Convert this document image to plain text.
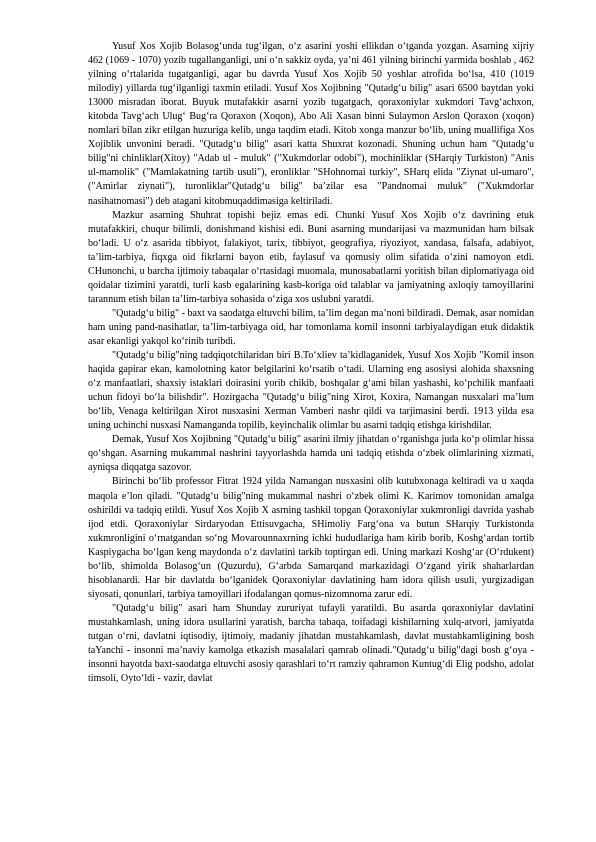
Yusuf Xos Xojib Bolasog‘unda tug‘ilgan, o‘z asarini yoshi ellikdan o‘tganda yozgan. Asarning xijriy 462 (1069 - 1070) yozib tugallanganligi, uni o‘n sakkiz oyda, ya’ni 461 yilning birinchi yarmida boshlab , 462 yilning o‘rtalarida tugatganligi, agar bu davrda Yusuf Xos Xojib 50 yoshlar atrofida bo‘lsa, 410 (1019 milodiy) yillarda tug‘ilganligi taxmin etiladi. Yusuf Xos Xojibning "Qutadg‘u bilig" asari 6500 baytdan yoki 13000 misradan iborat. Buyuk mutafakkir asarni yozib tugatgach, qoraxoniylar xukmdori Tavg‘achxon, kitobda Tavg‘ach Ulug‘ Bug‘ra Qoraxon (Xoqon), Abo Ali Xasan binni Sulaymon Arslon Qoraxon (xoqon) nomlari bilan zikr etilgan huzuriga kelib, unga taqdim etadi. Kitob xonga manzur bo‘lib, uning muallifiga Xos Xojiblik unvonini beradi. "Qutadg‘u bilig" asari katta Shuxrat kozonadi. Shuning uchun ham "Qutadg‘u bilig"ni chinliklar(Xitoy) "Adab ul - muluk" ("Xukmdorlar odobi"), mochinliklar (SHarqiy Turkiston) "Anis ul-mamolik" ("Mamlakatning tartib usuli"), eronliklar "SHohnomai turkiy", SHarq elida "Ziynat ul-umaro", ("Amirlar ziynati"), turonliklar"Qutadg‘u bilig" ba’zilar esa "Pandnomai muluk" ("Xukmdorlar nasihatnomasi") deb atagani kitobmuqaddimasiga keltiriladi.

Mazkur asarning Shuhrat topishi bejiz emas edi. Chunki Yusuf Xos Xojib o‘z davrining etuk mutafakkiri, chuqur bilimli, donishmand kishisi edi. Buni asarning mundarijasi va mazmunidan ham bilsak bo‘ladi. U o‘z asarida tibbiyot, falakiyot, tarix, tibbiyot, geografiya, riyoziyot, xandasa, falsafa, adabiyot, ta’lim-tarbiya, fiqxga oid fikrlarni bayon etib, faylasuf va qomusiy olim sifatida o‘zini namoyon etdi. CHunonchi, u barcha ijtimoiy tabaqalar o‘rtasidagi muomala, munosabatlarni yoritish bilan diplomatiyaga oid qoidalar tizimini yaratdi, turli kasb egalarining kasb-koriga oid talablar va jamiyatning axloqiy tamoyillarini tarannum etish bilan ta’lim-tarbiya sohasida o‘ziga xos uslubni yaratdi.

"Qutadg‘u bilig" - baxt va saodatga eltuvchi bilim, ta’lim degan ma’noni bildiradi. Demak, asar nomidan ham uning pand-nasihatlar, ta’lim-tarbiyaga oid, har tomonlama komil insonni tarbiyalaydigan etuk didaktik asar ekanligi yakqol ko‘rinib turibdi.

"Qutadg‘u bilig"ning tadqiqotchilaridan biri B.To‘xliev ta’kidlaganidek, Yusuf Xos Xojib "Komil inson haqida gapirar ekan, kamolotning kator belgilarini ko‘rsatib o‘tadi. Ularning eng asosiysi alohida shaxsning o‘z manfaatlari, shaxsiy istaklari doirasini yorib chikib, boshqalar g‘ami bilan yashashi, ko‘pchilik manfaati uchun fidoyi bo‘la bilishdir". Hozirgacha "Qutadg‘u bilig"ning Xirot, Koxira, Namangan nusxalari ma’lum bo‘lib, Venaga keltirilgan Xirot nusxasini Xerman Vamberi nashr qildi va tarjimasini berdi. 1913 yilda esa uning uchinchi nusxasi Namanganda topilib, keyinchalik olimlar bu asarni tadqiq etishga kirishdilar.

Demak, Yusuf Xos Xojibning "Qutadg‘u bilig" asarini ilmiy jihatdan o‘rganishga juda ko‘p olimlar hissa qo‘shgan. Asarning mukammal nashrini tayyorlashda hamda uni tadqiq etishda o‘zbek olimlarining xizmati, ayniqsa diqqatga sazovor.

Birinchi bo‘lib professor Fitrat 1924 yilda Namangan nusxasini olib kutubxonaga keltiradi va u xaqda maqola e’lon qiladi. "Qutadg‘u bilig"ning mukammal nashri o‘zbek olimi K. Karimov tomonidan amalga oshirildi va tadqiq etildi. Yusuf Xos Xojib X asrning tashkil topgan Qoraxoniylar xukmronligi davrida yashab ijod etdi. Qoraxoniylar Sirdaryodan Ettisuvgacha, SHimoliy Farg‘ona va butun SHarqiy Turkistonda xukmronligini o‘rnatgandan so‘ng Movarounnaxrning ichki hududlariga ham kirib borib, Koshg‘ardan tortib Kaspiygacha bo‘lgan keng maydonda o‘z davlatini tarkib toptirgan edi. Uning markazi Koshg‘ar (O‘rdukent) bo‘lib, shimolda Bolasog‘un (Quzurdu), G‘arbda Samarqand markazidagi O‘zgand yirik shaharlardan hisoblanardi. Har bir davlatda bo‘lganidek Qoraxoniylar davlatining ham idora qilish usuli, yurgizadigan siyosati, qonunlari, tarbiya tamoyillari ifodalangan qomus-nizomnoma zarur edi.

"Qutadg‘u bilig" asari ham Shunday zururiyat tufayli yaratildi. Bu asarda qoraxoniylar davlatini mustahkamlash, uning idora usullarini yaratish, barcha tabaqa, toifadagi kishilarning xulq-atvori, jamiyatda tutgan o‘rni, davlatni iqtisodiy, ijtimoiy, madaniy jihatdan mustahkamlash, davlat mustahkamligining bosh taYanchi - insonni ma’naviy kamolga etkazish masalalari qamrab olinadi."Qutadg‘u bilig"dagi bosh g‘oya - insonni hayotda baxt-saodatga eltuvchi asosiy qarashlari to‘rt ramziy qahramon Kuntug‘di Elig podsho, adolat timsoli, Oyto‘ldi - vazir, davlat
